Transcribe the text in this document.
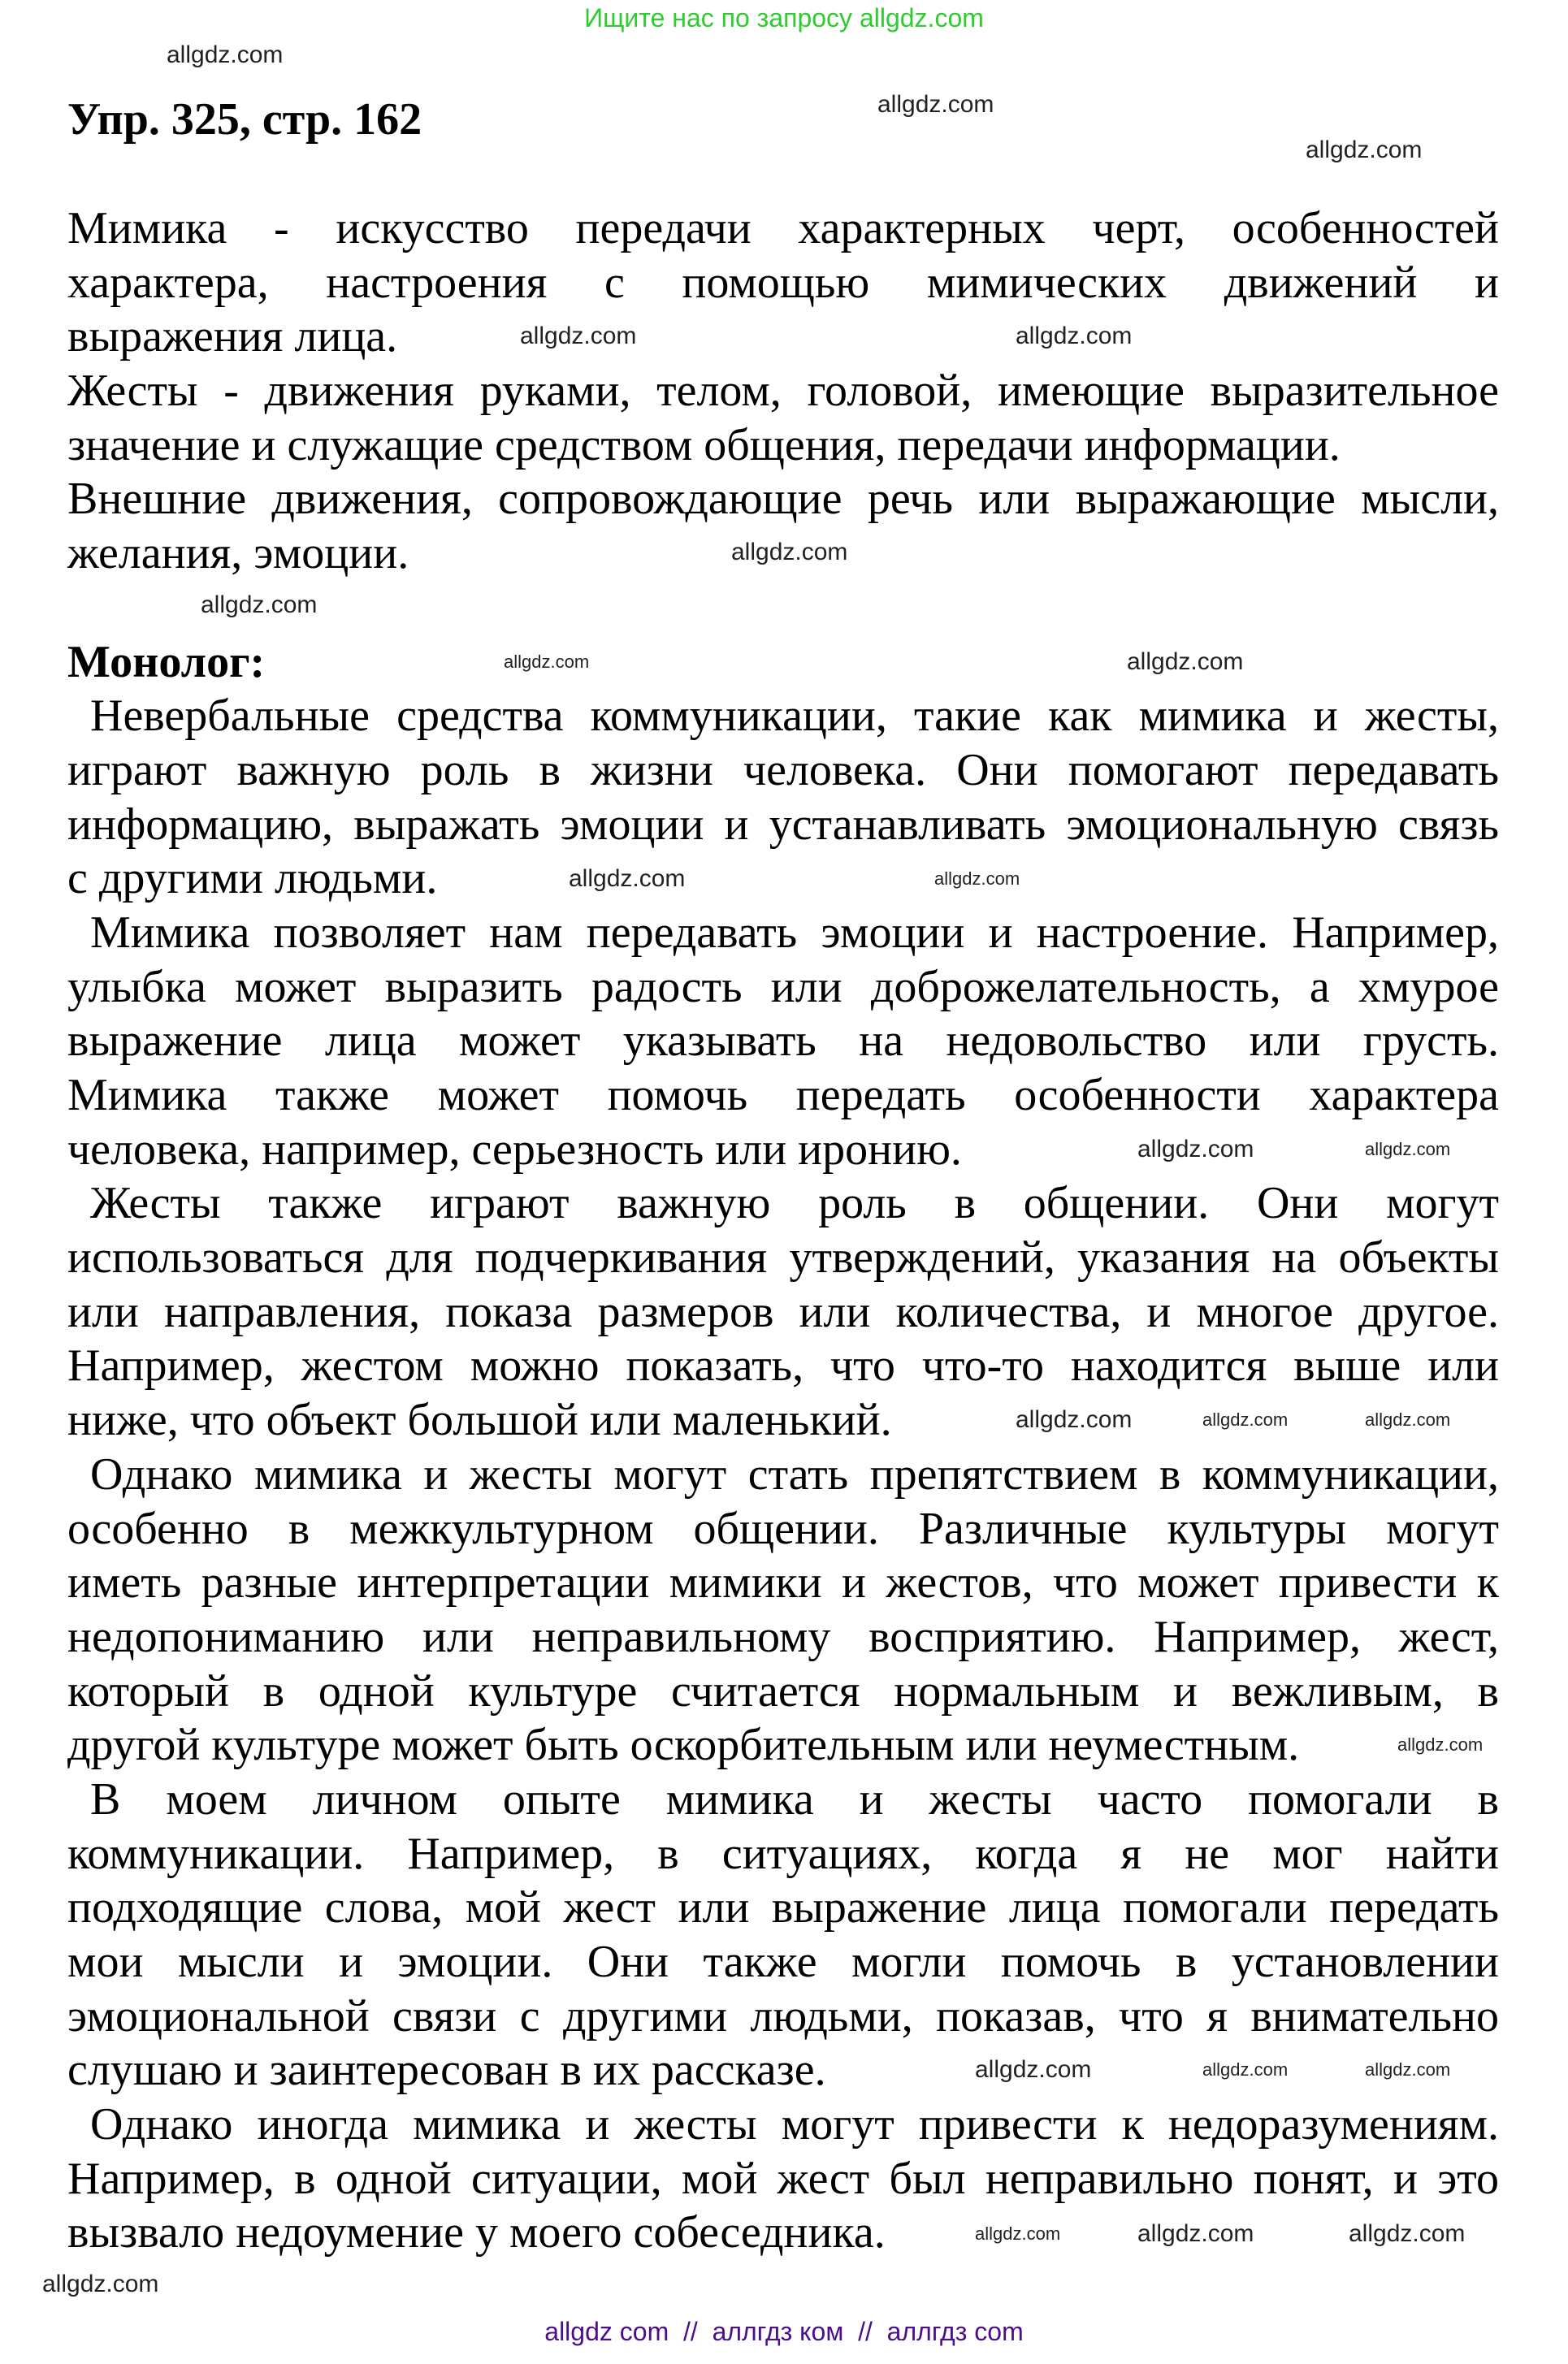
Ищите нас по запросу allgdz.com
Упр. 325, стр. 162
Мимика - искусство передачи характерных черт, особенностей
характера, настроения с помощью мимических движений и
выражения лица.
Жесты - движения руками, телом, головой, имеющие выразительное
значение и служащие средством общения, передачи информации.
Внешние движения, сопровождающие речь или выражающие мысли,
желания, эмоции.
Монолог:
Невербальные средства коммуникации, такие как мимика и жесты,
играют важную роль в жизни человека. Они помогают передавать
информацию, выражать эмоции и устанавливать эмоциональную связь
с другими людьми.
Мимика позволяет нам передавать эмоции и настроение. Например,
улыбка может выразить радость или доброжелательность, а хмурое
выражение лица может указывать на недовольство или грусть.
Мимика также может помочь передать особенности характера
человека, например, серьезность или иронию.
Жесты также играют важную роль в общении. Они могут
использоваться для подчеркивания утверждений, указания на объекты
или направления, показа размеров или количества, и многое другое.
Например, жестом можно показать, что что-то находится выше или
ниже, что объект большой или маленький.
Однако мимика и жесты могут стать препятствием в коммуникации,
особенно в межкультурном общении. Различные культуры могут
иметь разные интерпретации мимики и жестов, что может привести к
недопониманию или неправильному восприятию. Например, жест,
который в одной культуре считается нормальным и вежливым, в
другой культуре может быть оскорбительным или неуместным.
В моем личном опыте мимика и жесты часто помогали в
коммуникации. Например, в ситуациях, когда я не мог найти
подходящие слова, мой жест или выражение лица помогали передать
мои мысли и эмоции. Они также могли помочь в установлении
эмоциональной связи с другими людьми, показав, что я внимательно
слушаю и заинтересован в их рассказе.
Однако иногда мимика и жесты могут привести к недоразумениям.
Например, в одной ситуации, мой жест был неправильно понят, и это
вызвало недоумение у моего собеседника.
allgdz.com
allgdz.com
allgdz.com
allgdz.com	allgdz.com
allgdz.com
allgdz.com
allgdz.com
allgdz.com	allgdz.com
allgdz.com
allgdz.com	allgdz.com
allgdz.com
allgdz.com	allgdz.com
allgdz.com
allgdz.com	allgdz.com	allgdz.com
allgdz.com
allgdz.com	allgdz.com
allgdz.com
allgdz com  //  аллгдз ком  //  аллгдз com
